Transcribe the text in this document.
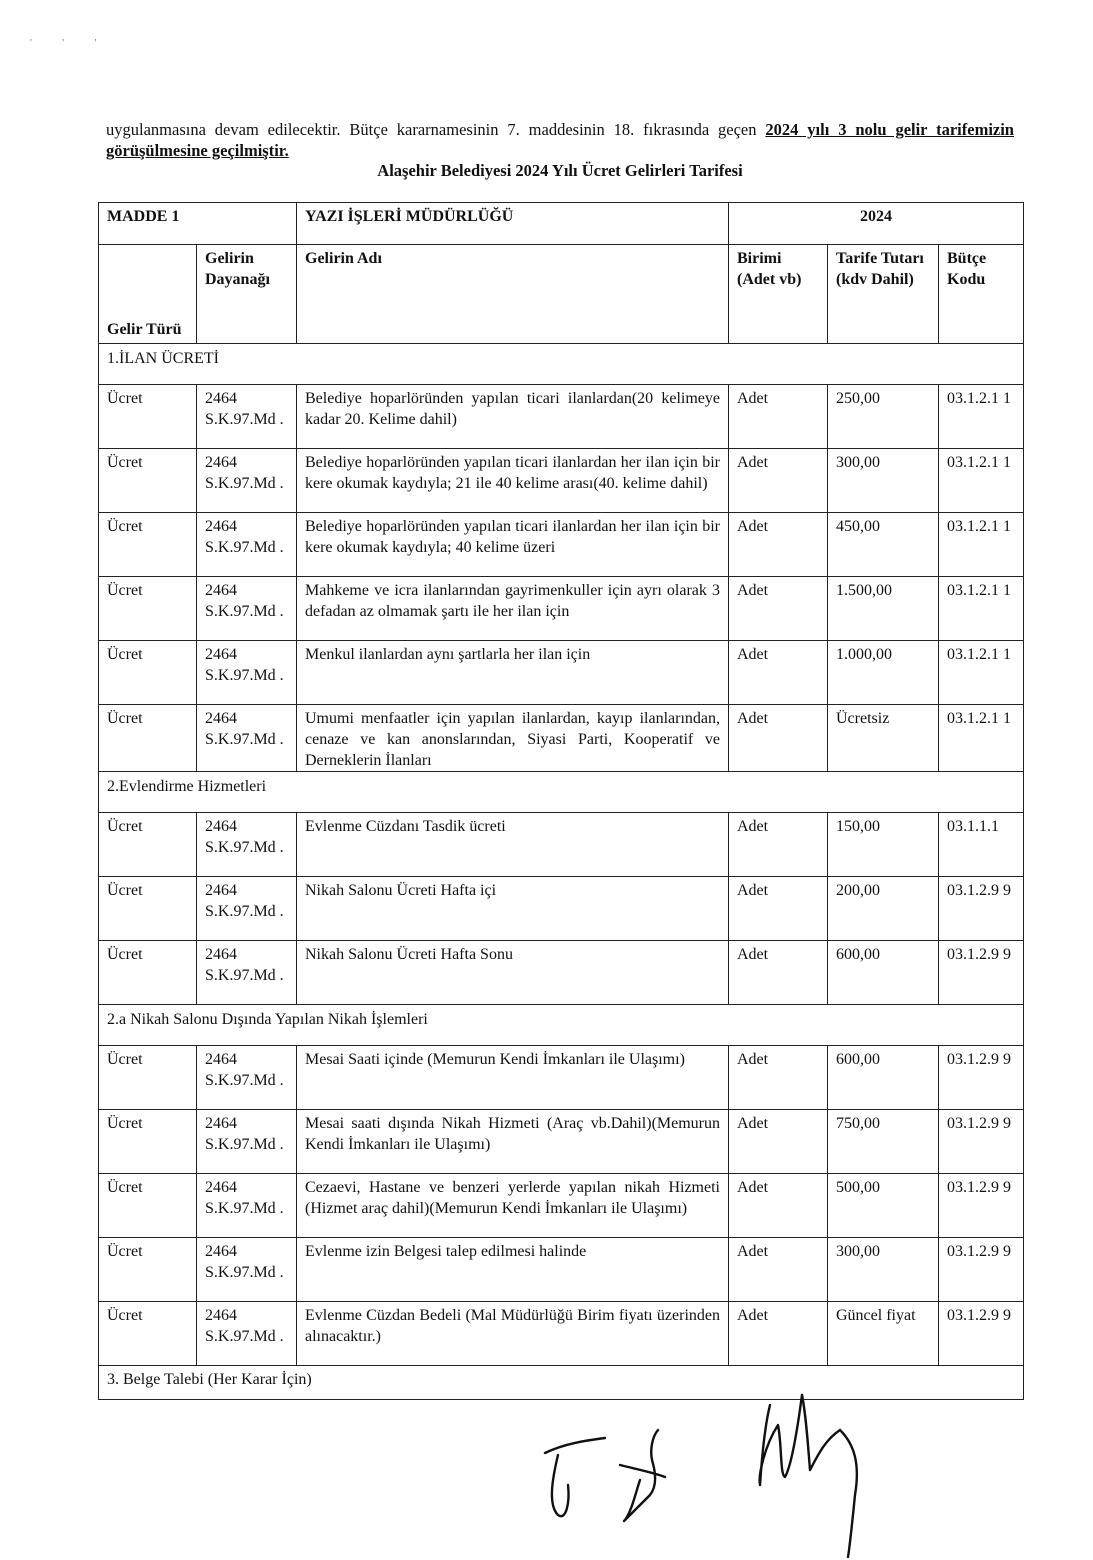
' ' '

uygulanmasına devam edilecektir. Bütçe kararnamesinin 7. maddesinin 18. fıkrasında geçen 2024 yılı 3 nolu gelir tarifemizin görüşülmesine geçilmiştir.

Alaşehir Belediyesi 2024 Yılı Ücret Gelirleri Tarifesi
MADDE 1		YAZI İŞLERİ MÜDÜRLÜĞÜ	2024		
Gelir Türü	Gelirin Dayanağı	Gelirin Adı	Birimi (Adet vb)	Tarife Tutarı (kdv Dahil)	Bütçe Kodu
1.İLAN ÜCRETİ					
Ücret	2464 S.K.97.Md .	Belediye hoparlöründen yapılan ticari ilanlardan(20 kelimeye kadar 20. Kelime dahil)	Adet	250,00	03.1.2.1 1
Ücret	2464 S.K.97.Md .	Belediye hoparlöründen yapılan ticari ilanlardan her ilan için bir kere okumak kaydıyla; 21 ile 40 kelime arası(40. kelime dahil)	Adet	300,00	03.1.2.1 1
Ücret	2464 S.K.97.Md .	Belediye hoparlöründen yapılan ticari ilanlardan her ilan için bir kere okumak kaydıyla; 40 kelime üzeri	Adet	450,00	03.1.2.1 1
Ücret	2464 S.K.97.Md .	Mahkeme ve icra ilanlarından gayrimenkuller için ayrı olarak 3 defadan az olmamak şartı ile her ilan için	Adet	1.500,00	03.1.2.1 1
Ücret	2464 S.K.97.Md .	Menkul ilanlardan aynı şartlarla her ilan için	Adet	1.000,00	03.1.2.1 1
Ücret	2464 S.K.97.Md .	Umumi menfaatler için yapılan ilanlardan, kayıp ilanlarından, cenaze ve kan anonslarından, Siyasi Parti, Kooperatif ve Derneklerin İlanları	Adet	Ücretsiz	03.1.2.1 1
2.Evlendirme Hizmetleri					
Ücret	2464 S.K.97.Md .	Evlenme Cüzdanı Tasdik ücreti	Adet	150,00	03.1.1.1
Ücret	2464 S.K.97.Md .	Nikah Salonu Ücreti Hafta içi	Adet	200,00	03.1.2.9 9
Ücret	2464 S.K.97.Md .	Nikah Salonu Ücreti Hafta Sonu	Adet	600,00	03.1.2.9 9
2.a Nikah Salonu Dışında Yapılan Nikah İşlemleri					
Ücret	2464 S.K.97.Md .	Mesai Saati içinde (Memurun Kendi İmkanları ile Ulaşımı)	Adet	600,00	03.1.2.9 9
Ücret	2464 S.K.97.Md .	Mesai saati dışında Nikah Hizmeti (Araç vb.Dahil)(Memurun Kendi İmkanları ile Ulaşımı)	Adet	750,00	03.1.2.9 9
Ücret	2464 S.K.97.Md .	Cezaevi, Hastane ve benzeri yerlerde yapılan nikah Hizmeti (Hizmet araç dahil)(Memurun Kendi İmkanları ile Ulaşımı)	Adet	500,00	03.1.2.9 9
Ücret	2464 S.K.97.Md .	Evlenme izin Belgesi talep edilmesi halinde	Adet	300,00	03.1.2.9 9
Ücret	2464 S.K.97.Md .	Evlenme Cüzdan Bedeli (Mal Müdürlüğü Birim fiyatı üzerinden alınacaktır.)	Adet	Güncel fiyat	03.1.2.9 9
3. Belge Talebi (Her Karar İçin)					
